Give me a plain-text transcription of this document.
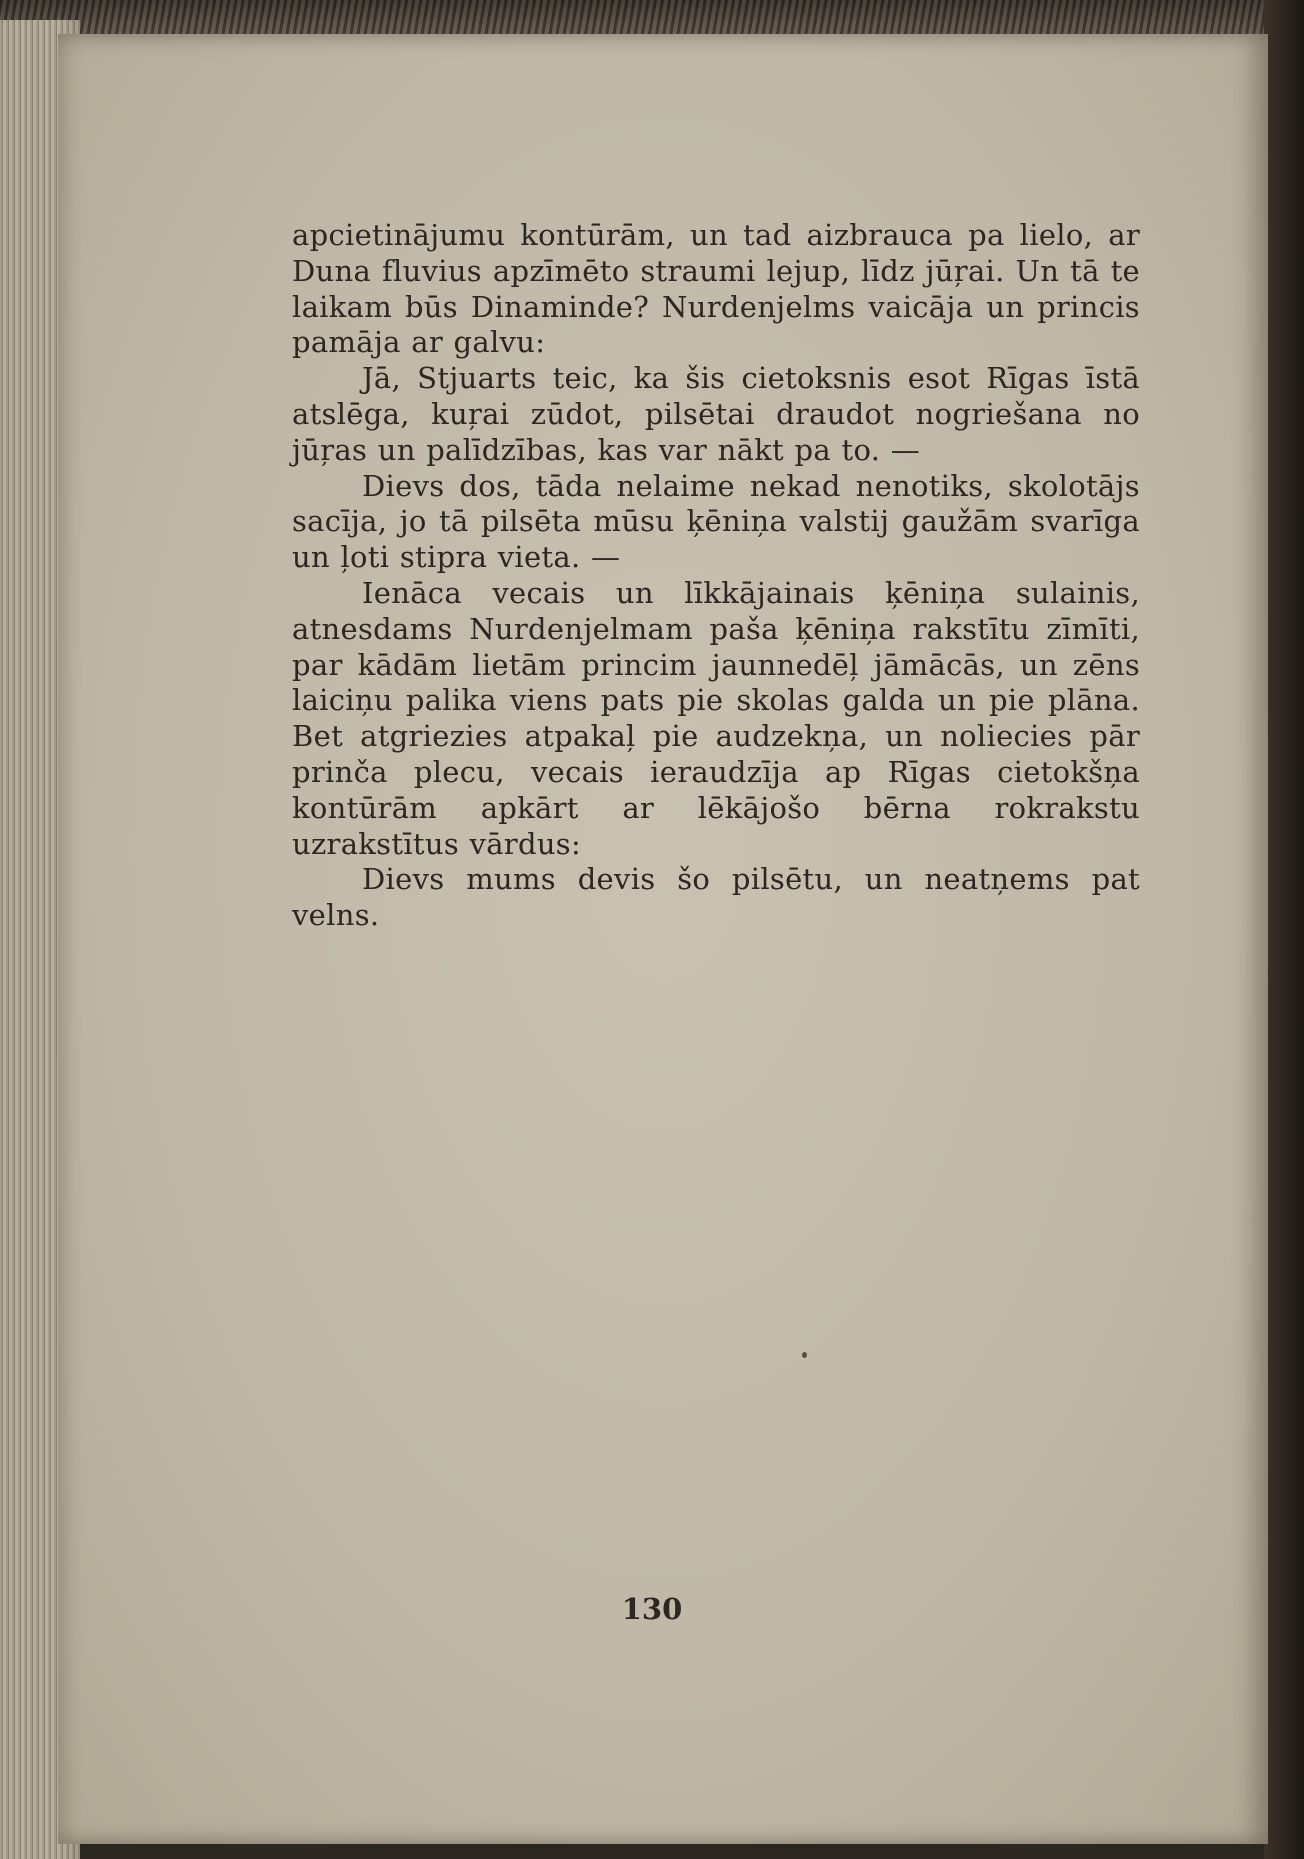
apcietinājumu kontūrām, un tad aizbrauca pa lielo, ar Duna fluvius apzīmēto straumi lejup, līdz jūŗai. Un tā te laikam būs Dinaminde? Nurdenjelms vaicāja un princis pamāja ar galvu:

Jā, Stjuarts teic, ka šis cietoksnis esot Rīgas īstā atslēga, kuŗai zūdot, pilsētai draudot nogriešana no jūŗas un palīdzības, kas var nākt pa to. —

Dievs dos, tāda nelaime nekad nenotiks, skolotājs sacīja, jo tā pilsēta mūsu ķēniņa valstij gaužām svarīga un ļoti stipra vieta. —

Ienāca vecais un līkkājainais ķēniņa sulainis, atnesdams Nurdenjelmam paša ķēniņa rakstītu zīmīti, par kādām lietām princim jaunnedēļ jāmācās, un zēns laiciņu palika viens pats pie skolas galda un pie plāna. Bet atgriezies atpakaļ pie audzekņa, un noliecies pār prinča plecu, vecais ieraudzīja ap Rīgas cietokšņa kontūrām apkārt ar lēkājošo bērna rokrakstu uzrakstītus vārdus:

Dievs mums devis šo pilsētu, un neatņems pat velns.

130
